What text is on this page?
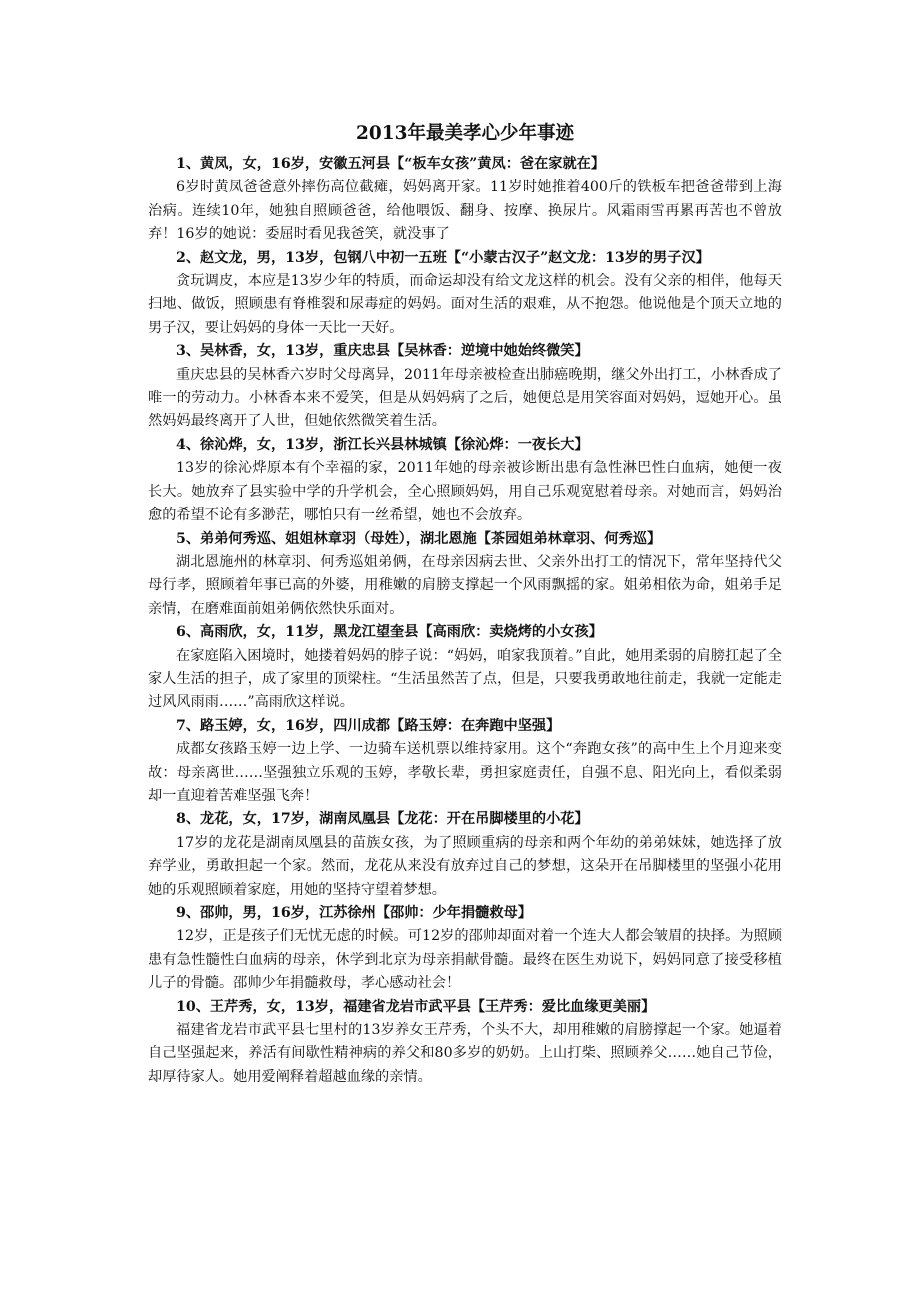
2013年最美孝心少年事迹

1、黄凤，女，16岁，安徽五河县【“板车女孩”黄凤：爸在家就在】

6岁时黄凤爸爸意外摔伤高位截瘫，妈妈离开家。11岁时她推着400斤的铁板车把爸爸带到上海治病。连续10年，她独自照顾爸爸，给他喂饭、翻身、按摩、换尿片。风霜雨雪再累再苦也不曾放弃！16岁的她说：委屈时看见我爸笑，就没事了

2、赵文龙，男，13岁，包钢八中初一五班【“小蒙古汉子”赵文龙：13岁的男子汉】

贪玩调皮，本应是13岁少年的特质，而命运却没有给文龙这样的机会。没有父亲的相伴，他每天扫地、做饭，照顾患有脊椎裂和尿毒症的妈妈。面对生活的艰难，从不抱怨。他说他是个顶天立地的男子汉，要让妈妈的身体一天比一天好。

3、吴林香，女，13岁，重庆忠县【吴林香：逆境中她始终微笑】

重庆忠县的吴林香六岁时父母离异，2011年母亲被检查出肺癌晚期，继父外出打工，小林香成了唯一的劳动力。小林香本来不爱笑，但是从妈妈病了之后，她便总是用笑容面对妈妈，逗她开心。虽然妈妈最终离开了人世，但她依然微笑着生活。

4、徐沁烨，女，13岁，浙江长兴县林城镇【徐沁烨：一夜长大】

13岁的徐沁烨原本有个幸福的家，2011年她的母亲被诊断出患有急性淋巴性白血病，她便一夜长大。她放弃了县实验中学的升学机会，全心照顾妈妈，用自己乐观宽慰着母亲。对她而言，妈妈治愈的希望不论有多渺茫，哪怕只有一丝希望，她也不会放弃。

5、弟弟何秀巡、姐姐林章羽（母姓），湖北恩施【茶园姐弟林章羽、何秀巡】

湖北恩施州的林章羽、何秀巡姐弟俩，在母亲因病去世、父亲外出打工的情况下，常年坚持代父母行孝，照顾着年事已高的外婆，用稚嫩的肩膀支撑起一个风雨飘摇的家。姐弟相依为命，姐弟手足亲情，在磨难面前姐弟俩依然快乐面对。

6、高雨欣，女，11岁，黑龙江望奎县【高雨欣：卖烧烤的小女孩】

在家庭陷入困境时，她搂着妈妈的脖子说：“妈妈，咱家我顶着。”自此，她用柔弱的肩膀扛起了全家人生活的担子，成了家里的顶梁柱。“生活虽然苦了点，但是，只要我勇敢地往前走，我就一定能走过风风雨雨……”高雨欣这样说。

7、路玉婷，女，16岁，四川成都【路玉婷：在奔跑中坚强】

成都女孩路玉婷一边上学、一边骑车送机票以维持家用。这个“奔跑女孩”的高中生上个月迎来变故：母亲离世……坚强独立乐观的玉婷，孝敬长辈，勇担家庭责任，自强不息、阳光向上，看似柔弱却一直迎着苦难坚强飞奔！

8、龙花，女，17岁，湖南凤凰县【龙花：开在吊脚楼里的小花】

17岁的龙花是湖南凤凰县的苗族女孩，为了照顾重病的母亲和两个年幼的弟弟妹妹，她选择了放弃学业，勇敢担起一个家。然而，龙花从来没有放弃过自己的梦想，这朵开在吊脚楼里的坚强小花用她的乐观照顾着家庭，用她的坚持守望着梦想。

9、邵帅，男，16岁，江苏徐州【邵帅：少年捐髓救母】

12岁，正是孩子们无忧无虑的时候。可12岁的邵帅却面对着一个连大人都会皱眉的抉择。为照顾患有急性髓性白血病的母亲，休学到北京为母亲捐献骨髓。最终在医生劝说下，妈妈同意了接受移植儿子的骨髓。邵帅少年捐髓救母，孝心感动社会！

10、王芹秀，女，13岁，福建省龙岩市武平县【王芹秀：爱比血缘更美丽】

福建省龙岩市武平县七里村的13岁养女王芹秀，个头不大，却用稚嫩的肩膀撑起一个家。她逼着自己坚强起来，养活有间歇性精神病的养父和80多岁的奶奶。上山打柴、照顾养父……她自己节俭，却厚待家人。她用爱阐释着超越血缘的亲情。
